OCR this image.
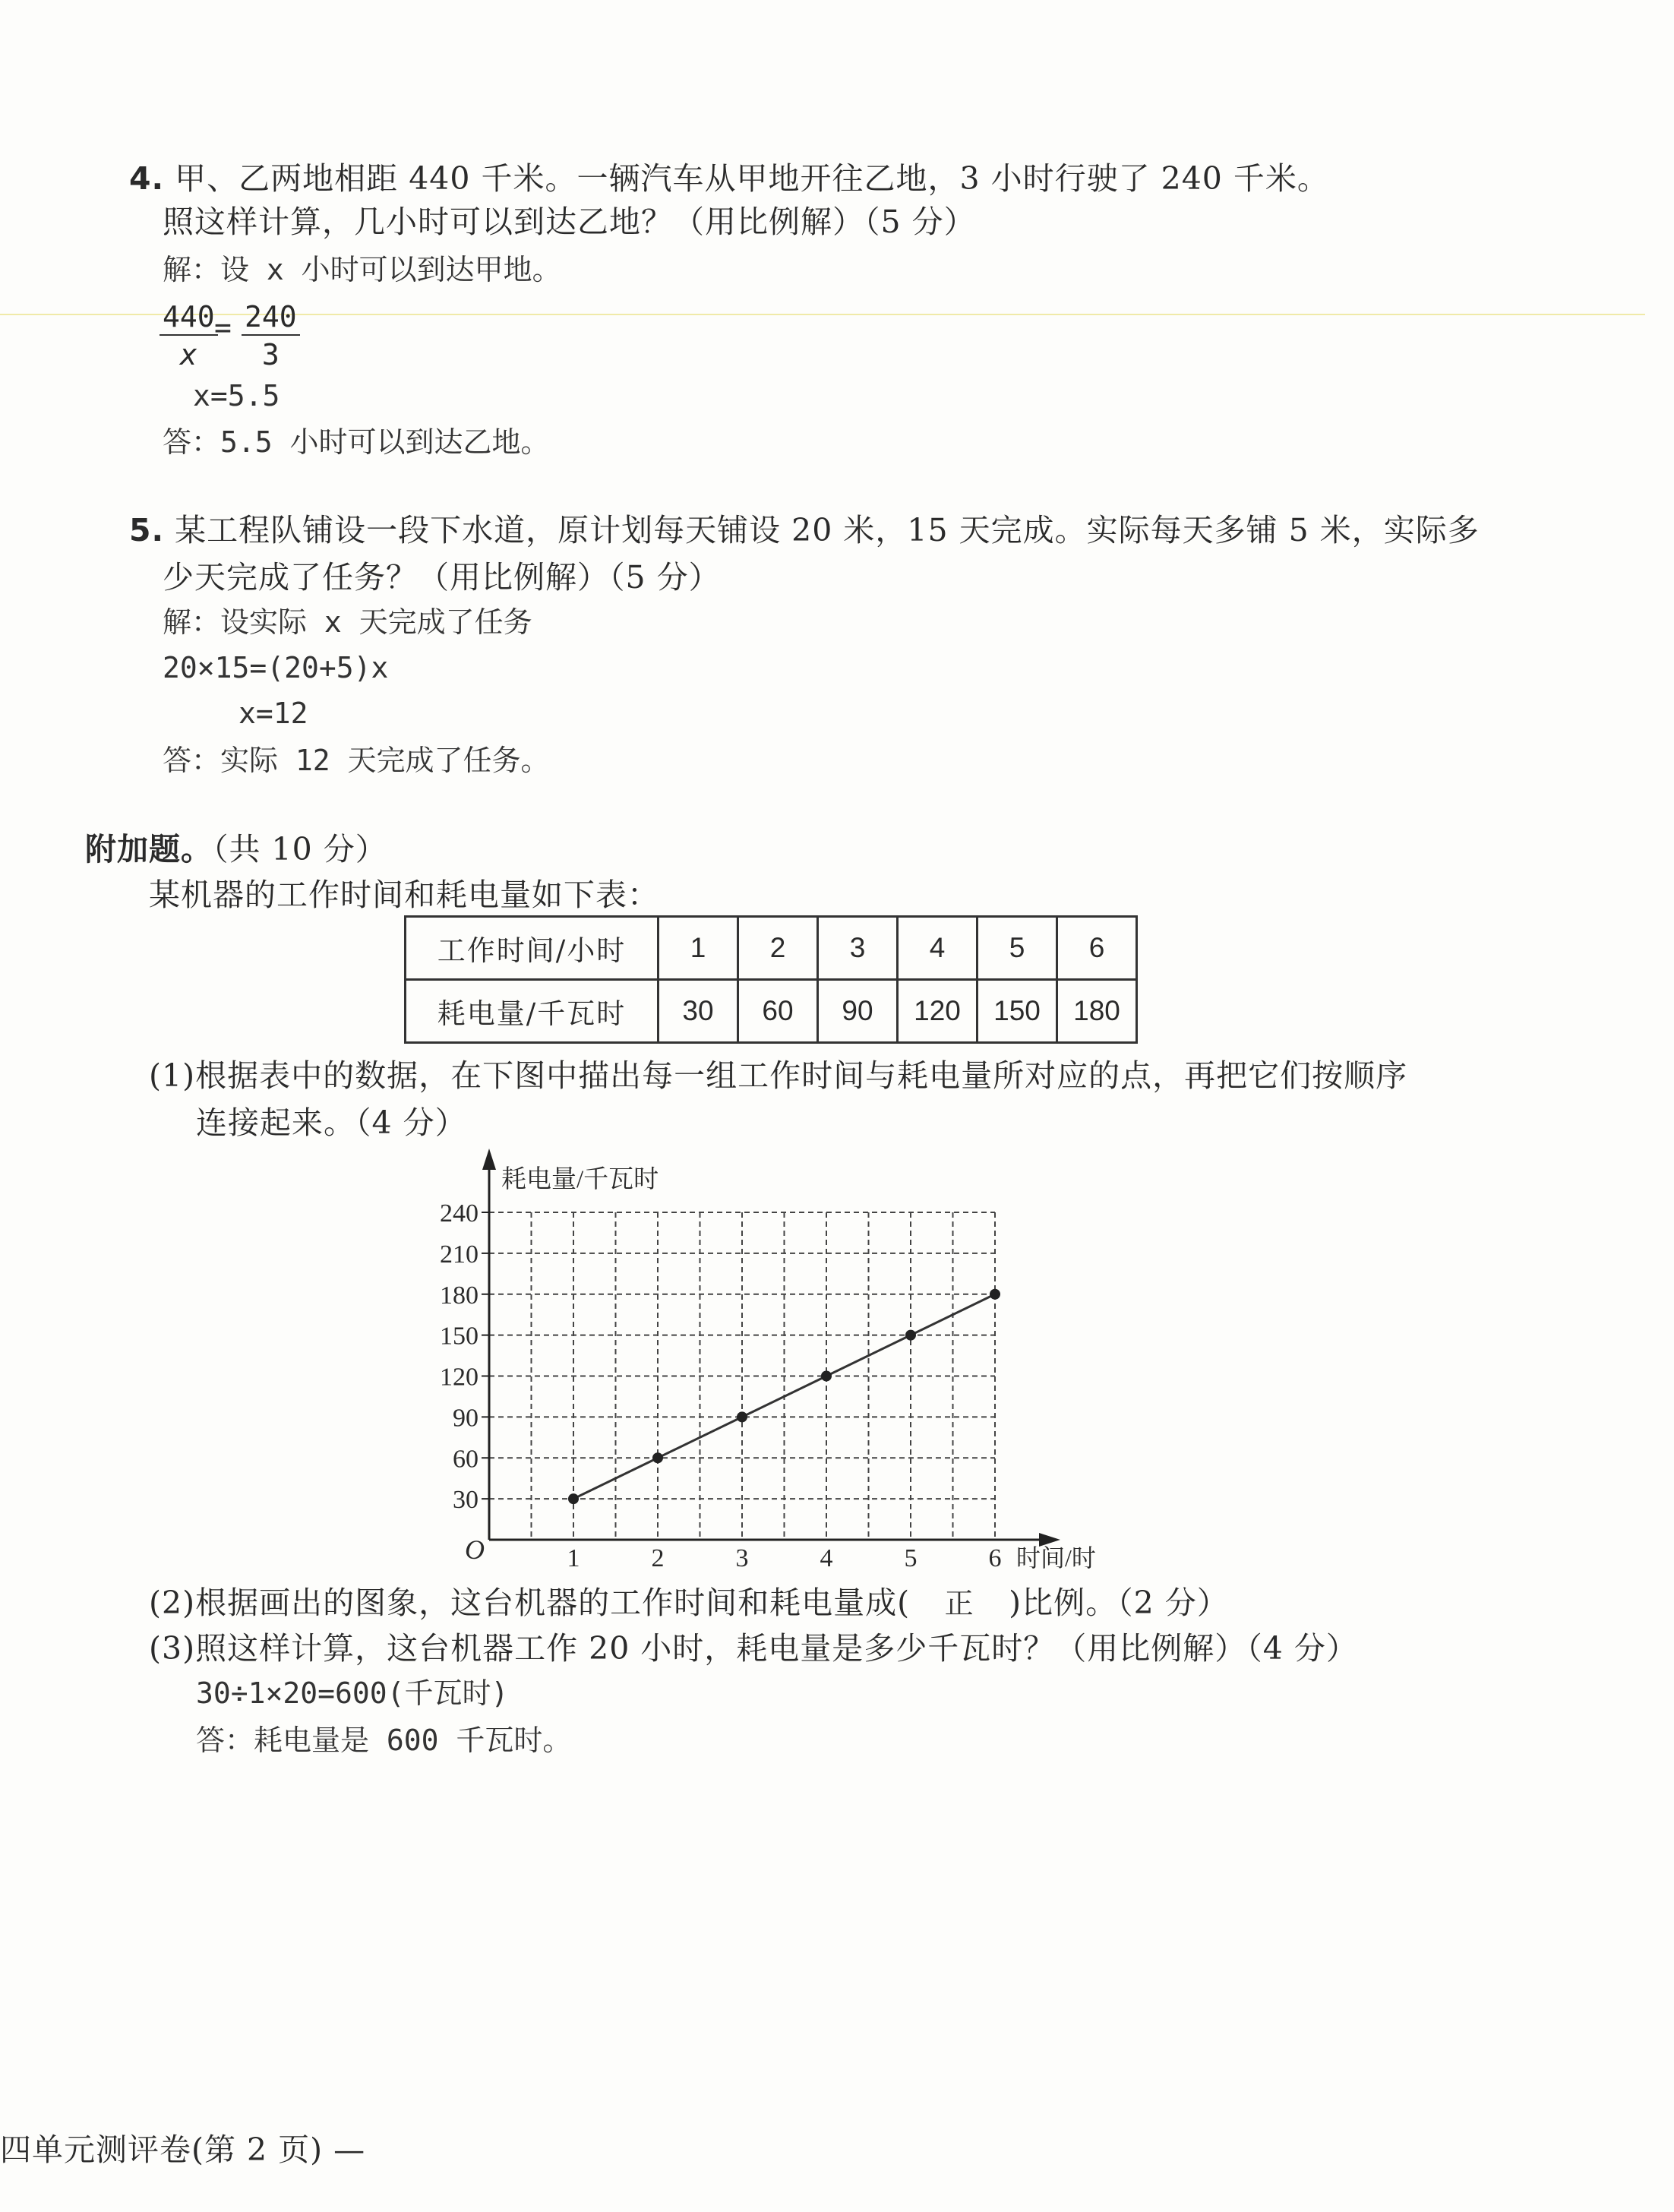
4. 甲、乙两地相距 440 千米。一辆汽车从甲地开往乙地，3 小时行驶了 240 千米。
照这样计算，几小时可以到达乙地？（用比例解）（5 分）
解：设 x 小时可以到达甲地。
$\frac{440}{x}$
= $\frac{240}{3}$
x=5.5
答：5.5 小时可以到达乙地。
5. 某工程队铺设一段下水道，原计划每天铺设 20 米，15 天完成。实际每天多铺 5 米，实际多
少天完成了任务？（用比例解）（5 分）
解：设实际 x 天完成了任务
20×15=(20+5)x
x=12
答：实际 12 天完成了任务。
附加题。（共 10 分）
某机器的工作时间和耗电量如下表：
工作时间/小时	1	2	3	4	5	6
耗电量/千瓦时	30	60	90	120	150	180
(1)根据表中的数据，在下图中描出每一组工作时间与耗电量所对应的点，再把它们按顺序
连接起来。（4 分）
30
60
90
120
150
180
210
240
1	2	3	4	5	6
耗电量/千瓦时
时间/时
O
(2)根据画出的图象，这台机器的工作时间和耗电量成( 正 )比例。（2 分）
(3)照这样计算，这台机器工作 20 小时，耗电量是多少千瓦时？（用比例解）（4 分）
30÷1×20=600(千瓦时)
答：耗电量是 600 千瓦时。
四单元测评卷(第 2 页) —
